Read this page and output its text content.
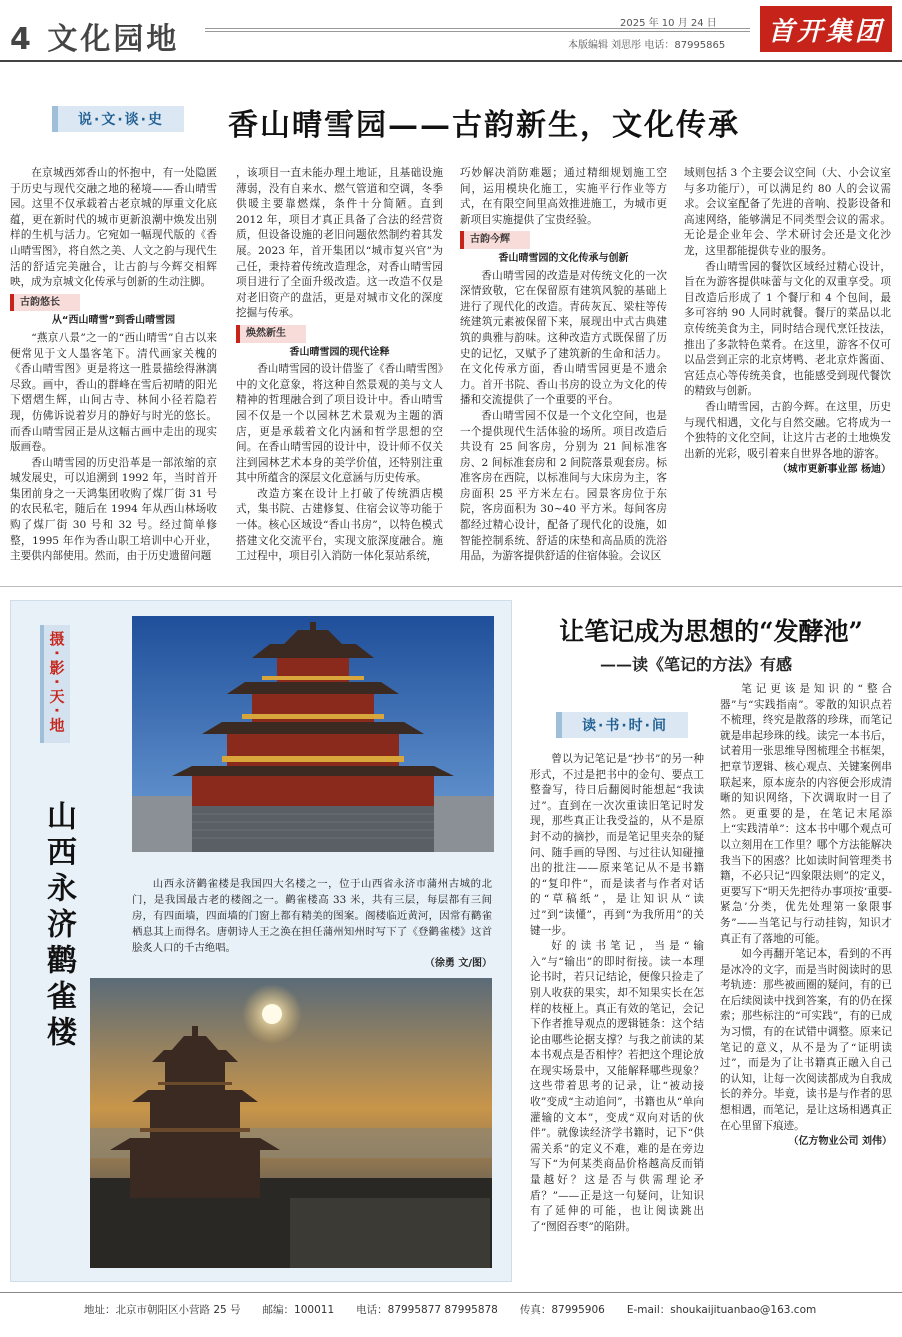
4 文化园地	2025 年 10 月 24 日
本版编辑 刘思彤 电话：87995865	首开集团
说·文·谈·史	香山晴雪园——古韵新生，文化传承

在京城西郊香山的怀抱中，有一处隐匿于历史与现代交融之地的秘境——香山晴雪园。这里不仅承载着古老京城的厚重文化底蕴，更在新时代的城市更新浪潮中焕发出别样的生机与活力。它宛如一幅现代版的《香山晴雪图》，将自然之美、人文之韵与现代生活的舒适完美融合，让古韵与今辉交相辉映，成为京城文化传承与创新的生动注脚。

古韵悠长
从“西山晴雪”到香山晴雪园

“燕京八景”之一的“西山晴雪”自古以来便常见于文人墨客笔下。清代画家关槐的《香山晴雪图》更是将这一胜景描绘得淋漓尽致。画中，香山的群峰在雪后初晴的阳光下熠熠生辉，山间古寺、林间小径若隐若现，仿佛诉说着岁月的静好与时光的悠长。而香山晴雪园正是从这幅古画中走出的现实版画卷。

香山晴雪园的历史沿革是一部浓缩的京城发展史，可以追溯到 1992 年，当时首开集团前身之一天鸿集团收购了煤厂街 31 号的农民私宅，随后在 1994 年从西山林场收购了煤厂街 30 号和 32 号。经过简单修整，1995 年作为香山职工培训中心开业，主要供内部使用。然而，由于历史遗留问题

，该项目一直未能办理土地证，且基础设施薄弱，没有自来水、燃气管道和空调，冬季供暖主要靠燃煤，条件十分简陋。直到 2012 年，项目才真正具备了合法的经营资质，但设备设施的老旧问题依然制约着其发展。2023 年，首开集团以“城市复兴官”为己任，秉持着传统改造理念，对香山晴雪园项目进行了全面升级改造。这一改造不仅是对老旧资产的盘活，更是对城市文化的深度挖掘与传承。

焕然新生
香山晴雪园的现代诠释

香山晴雪园的设计借鉴了《香山晴雪图》中的文化意象，将这种自然景观的美与文人精神的哲理融合到了项目设计中。香山晴雪园不仅是一个以园林艺术景观为主题的酒店，更是承载着文化内涵和哲学思想的空间。在香山晴雪园的设计中，设计师不仅关注到园林艺术本身的美学价值，还特别注重其中所蕴含的深层文化意涵与历史传承。

改造方案在设计上打破了传统酒店模式，集书院、古建修复、住宿会议等功能于一体。核心区域设“香山书房”，以特色模式搭建文化交流平台，实现文旅深度融合。施工过程中，项目引入消防一体化泵站系统，

巧妙解决消防难题；通过精细规划施工空间，运用模块化施工，实施平行作业等方式，在有限空间里高效推进施工，为城市更新项目实施提供了宝贵经验。

古韵今辉
香山晴雪园的文化传承与创新

香山晴雪园的改造是对传统文化的一次深情致敬，它在保留原有建筑风貌的基础上进行了现代化的改造。青砖灰瓦、梁柱等传统建筑元素被保留下来，展现出中式古典建筑的典雅与韵味。这种改造方式既保留了历史的记忆，又赋予了建筑新的生命和活力。在文化传承方面，香山晴雪园更是不遗余力。首开书院、香山书房的设立为文化的传播和交流提供了一个重要的平台。

香山晴雪园不仅是一个文化空间，也是一个提供现代生活体验的场所。项目改造后共设有 25 间客房，分别为 21 间标准客房、2 间标准套房和 2 间院落景观套房。标准客房在西院，以标准间与大床房为主，客房面积 25 平方米左右。园景客房位于东院，客房面积为 30~40 平方米。每间客房都经过精心设计，配备了现代化的设施，如智能控制系统、舒适的床垫和高品质的洗浴用品，为游客提供舒适的住宿体验。会议区

域则包括 3 个主要会议空间（大、小会议室与多功能厅），可以满足约 80 人的会议需求。会议室配备了先进的音响、投影设备和高速网络，能够满足不同类型会议的需求。无论是企业年会、学术研讨会还是文化沙龙，这里都能提供专业的服务。

香山晴雪园的餐饮区域经过精心设计，旨在为游客提供味蕾与文化的双重享受。项目改造后形成了 1 个餐厅和 4 个包间，最多可容纳 90 人同时就餐。餐厅的菜品以北京传统美食为主，同时结合现代烹饪技法，推出了多款特色菜肴。在这里，游客不仅可以品尝到正宗的北京烤鸭、老北京炸酱面、宫廷点心等传统美食，也能感受到现代餐饮的精致与创新。

香山晴雪园，古韵今辉。在这里，历史与现代相遇，文化与自然交融。它将成为一个独特的文化空间，让这片古老的土地焕发出新的光彩，吸引着来自世界各地的游客。

（城市更新事业部 杨迪）
摄·影·天·地
山西永济鹳雀楼	山西永济鹳雀楼是我国四大名楼之一，位于山西省永济市蒲州古城的北门，是我国最古老的楼阁之一。鹳雀楼高 33 米，共有三层，每层都有三间房，有四面墙，四面墙的门窗上都有精美的图案。阁楼临近黄河，因常有鹳雀栖息其上而得名。唐朝诗人王之涣在担任蒲州知州时写下了《登鹳雀楼》这首脍炙人口的千古绝唱。

（徐勇 文/图）
让笔记成为思想的“发酵池”
——读《笔记的方法》有感
读·书·时·间

曾以为记笔记是“抄书”的另一种形式，不过是把书中的金句、要点工整誊写，待日后翻阅时能想起“我读过”。直到在一次次重读旧笔记时发现，那些真正让我受益的，从不是原封不动的摘抄，而是笔记里夹杂的疑问、随手画的导图、与过往认知碰撞出的批注——原来笔记从不是书籍的“复印件”，而是读者与作者对话的“草稿纸”，是让知识从“读过”到“读懂”，再到“为我所用”的关键一步。

好的读书笔记，当是“输入”与“输出”的即时衔接。读一本理论书时，若只记结论，便像只捡走了别人收获的果实，却不知果实长在怎样的枝桠上。真正有效的笔记，会记下作者推导观点的逻辑链条：这个结论由哪些论据支撑？与我之前读的某本书观点是否相悖？若把这个理论放在现实场景中，又能解释哪些现象？这些带着思考的记录，让“被动接收”变成“主动追问”，书籍也从“单向灌输的文本”，变成“双向对话的伙伴”。就像读经济学书籍时，记下“供需关系”的定义不难，难的是在旁边写下“为何某类商品价格越高反而销量越好？这是否与供需理论矛盾？”——正是这一句疑问，让知识有了延伸的可能，也让阅读跳出了“囫囵吞枣”的陷阱。

笔记更该是知识的“整合器”与“实践指南”。零散的知识点若不梳理，终究是散落的珍珠，而笔记就是串起珍珠的线。读完一本书后，试着用一张思维导图梳理全书框架，把章节逻辑、核心观点、关键案例串联起来，原本庞杂的内容便会形成清晰的知识网络，下次调取时一目了然。更重要的是，在笔记末尾添上“实践清单”：这本书中哪个观点可以立刻用在工作里？哪个方法能解决我当下的困惑？比如读时间管理类书籍，不必只记“四象限法则”的定义，更要写下“明天先把待办事项按‘重要-紧急’分类，优先处理第一象限事务”——当笔记与行动挂钩，知识才真正有了落地的可能。

如今再翻开笔记本，看到的不再是冰冷的文字，而是当时阅读时的思考轨迹：那些被画圈的疑问，有的已在后续阅读中找到答案，有的仍在探索；那些标注的“可实践”，有的已成为习惯，有的在试错中调整。原来记笔记的意义，从不是为了“证明读过”，而是为了让书籍真正融入自己的认知，让每一次阅读都成为自我成长的养分。毕竟，读书是与作者的思想相遇，而笔记，是让这场相遇真正在心里留下痕迹。

（亿方物业公司 刘伟）
地址：北京市朝阳区小营路 25 号 邮编：100011 电话：87995877 87995878 传真：87995906 E-mail：shoukaijituanbao@163.com
